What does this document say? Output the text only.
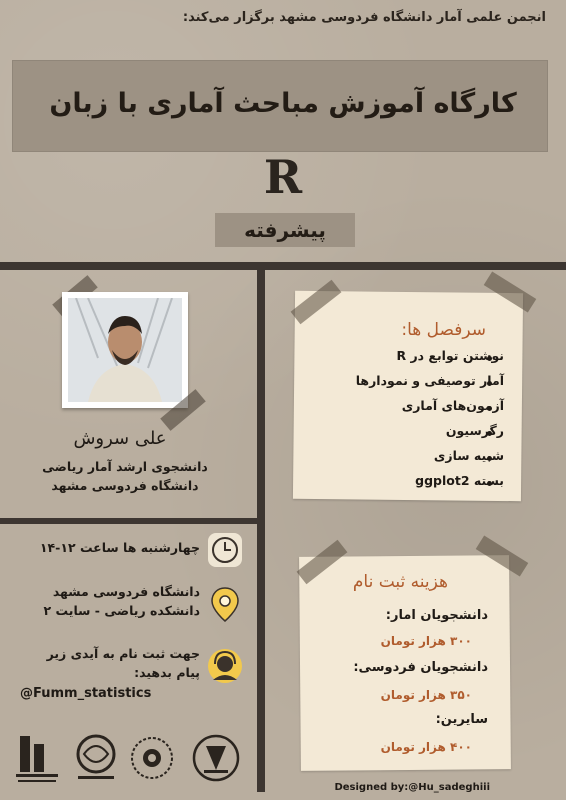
انجمن علمی آمار دانشگاه فردوسی مشهد برگزار می‌کند:
کارگاه آموزش مباحث آماری با زبان
R
پیشرفته
علی سروش
دانشجوی ارشد آمار ریاضی
دانشگاه فردوسی مشهد
چهارشنبه ها ساعت ۱۲-۱۴
دانشگاه فردوسی مشهد
دانشکده ریاضی - سایت ۲
جهت ثبت نام به آیدی زیر
پیام بدهید:
@Fumm_statistics
سرفصل ها:
نوشتن توابع در R
آمار توصیفی و نمودارها
آزمون‌های آماری
رگرسیون
شبیه سازی
بسته ggplot2
هزینه ثبت نام
دانشجویان امار:
۳۰۰ هزار تومان
دانشجویان فردوسی:
۳۵۰ هزار تومان
سایرین:
۴۰۰ هزار تومان
Designed by:@Hu_sadeghiii
